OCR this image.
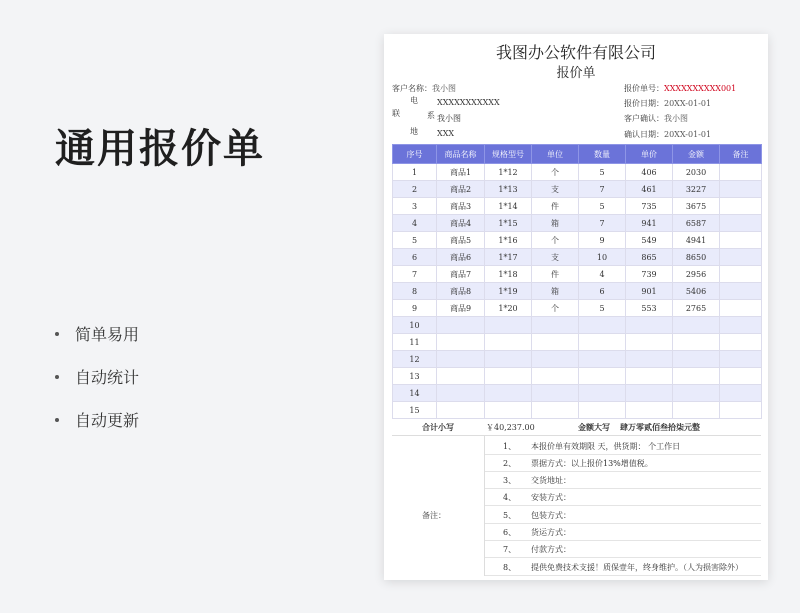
通用报价单
简单易用
自动统计
自动更新
我图办公软件有限公司
报价单
客户名称：我小图
电 XXXXXXXXXXX
联	系 我小图
地 XXX
报价单号：XXXXXXXXXX001
报价日期：20XX-01-01
客户确认：我小图
确认日期：20XX-01-01
序号	商品名称	规格型号	单位	数量	单价	金额	备注
1	商品1	1*12	个	5	406	2030	
2	商品2	1*13	支	7	461	3227	
3	商品3	1*14	件	5	735	3675	
4	商品4	1*15	箱	7	941	6587	
5	商品5	1*16	个	9	549	4941	
6	商品6	1*17	支	10	865	8650	
7	商品7	1*18	件	4	739	2956	
8	商品8	1*19	箱	6	901	5406	
9	商品9	1*20	个	5	553	2765	
10							
11							
12							
13							
14							
15							
合计小写	￥40,237.00	金额大写 肆万零贰佰叁拾柒元整
备注：
1、 本报价单有效期限 天，供货期： 个工作日
2、 票据方式：以上报价13%增值税。
3、 交货地址：
4、 安装方式：
5、 包装方式：
6、 货运方式：
7、 付款方式：
8、 提供免费技术支援！质保壹年，终身维护。（人为损害除外）
